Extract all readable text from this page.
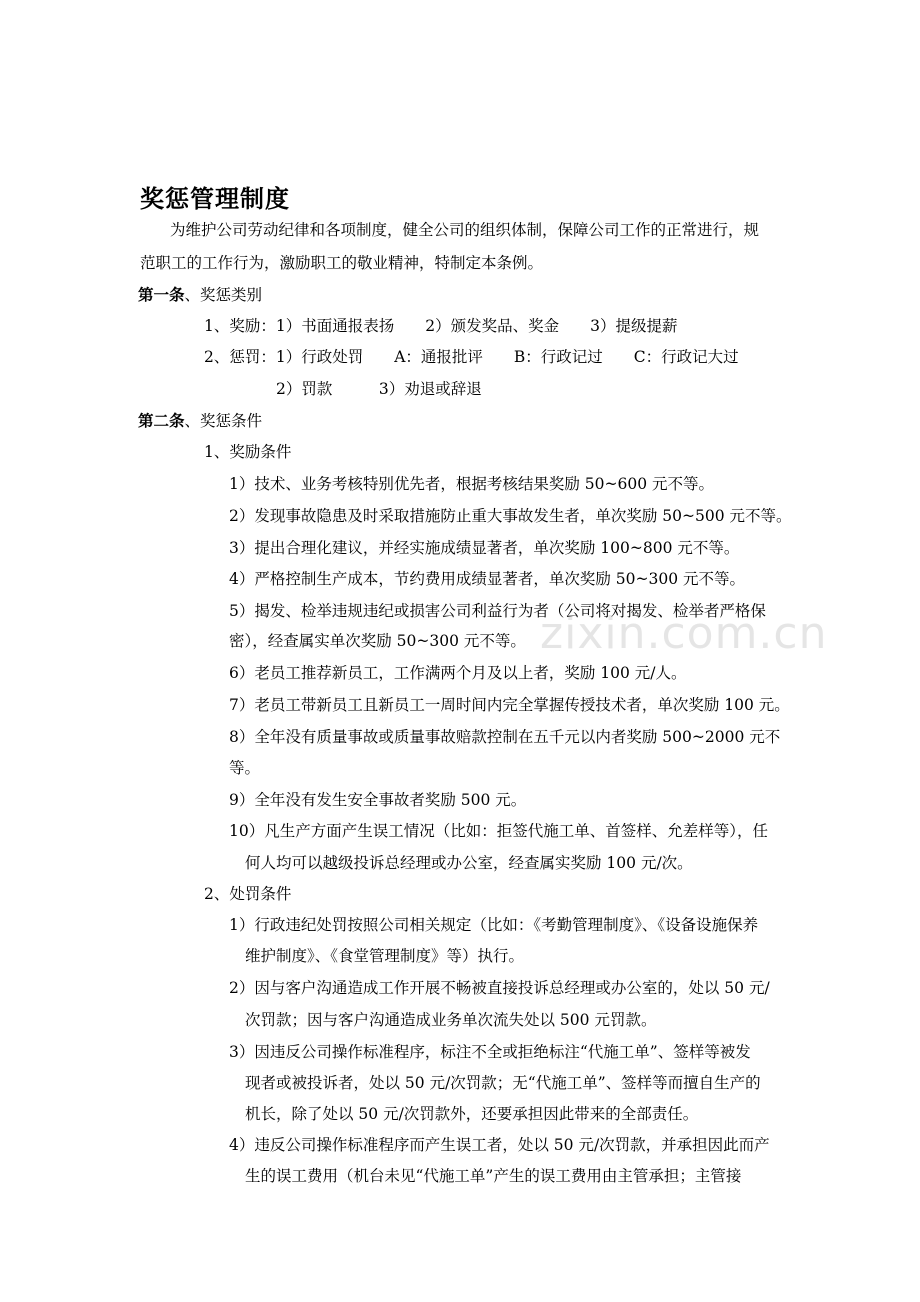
奖惩管理制度
为维护公司劳动纪律和各项制度，健全公司的组织体制，保障公司工作的正常进行，规
范职工的工作行为，激励职工的敬业精神，特制定本条例。
第一条、奖惩类别
1、奖励：1）书面通报表扬　　2）颁发奖品、奖金　　3）提级提薪
2、惩罚：1）行政处罚　　A：通报批评　　B：行政记过　　C：行政记大过
2）罚款　　　3）劝退或辞退
第二条、奖惩条件
1、奖励条件
1）技术、业务考核特别优先者，根据考核结果奖励 50~600 元不等。
2）发现事故隐患及时采取措施防止重大事故发生者，单次奖励 50~500 元不等。
3）提出合理化建议，并经实施成绩显著者，单次奖励 100~800 元不等。
4）严格控制生产成本，节约费用成绩显著者，单次奖励 50~300 元不等。
5）揭发、检举违规违纪或损害公司利益行为者（公司将对揭发、检举者严格保
密），经查属实单次奖励 50~300 元不等。
6）老员工推荐新员工，工作满两个月及以上者，奖励 100 元/人。
7）老员工带新员工且新员工一周时间内完全掌握传授技术者，单次奖励 100 元。
8）全年没有质量事故或质量事故赔款控制在五千元以内者奖励 500~2000 元不
等。
9）全年没有发生安全事故者奖励 500 元。
10）凡生产方面产生误工情况（比如：拒签代施工单、首签样、允差样等），任
何人均可以越级投诉总经理或办公室，经查属实奖励 100 元/次。
2、处罚条件
1）行政违纪处罚按照公司相关规定（比如：《考勤管理制度》、《设备设施保养
维护制度》、《食堂管理制度》等）执行。
2）因与客户沟通造成工作开展不畅被直接投诉总经理或办公室的，处以 50 元/
次罚款；因与客户沟通造成业务单次流失处以 500 元罚款。
3）因违反公司操作标准程序，标注不全或拒绝标注“代施工单”、签样等被发
现者或被投诉者，处以 50 元/次罚款；无“代施工单”、签样等而擅自生产的
机长，除了处以 50 元/次罚款外，还要承担因此带来的全部责任。
4）违反公司操作标准程序而产生误工者，处以 50 元/次罚款，并承担因此而产
生的误工费用（机台未见“代施工单”产生的误工费用由主管承担；主管接
zixin.com.cn
